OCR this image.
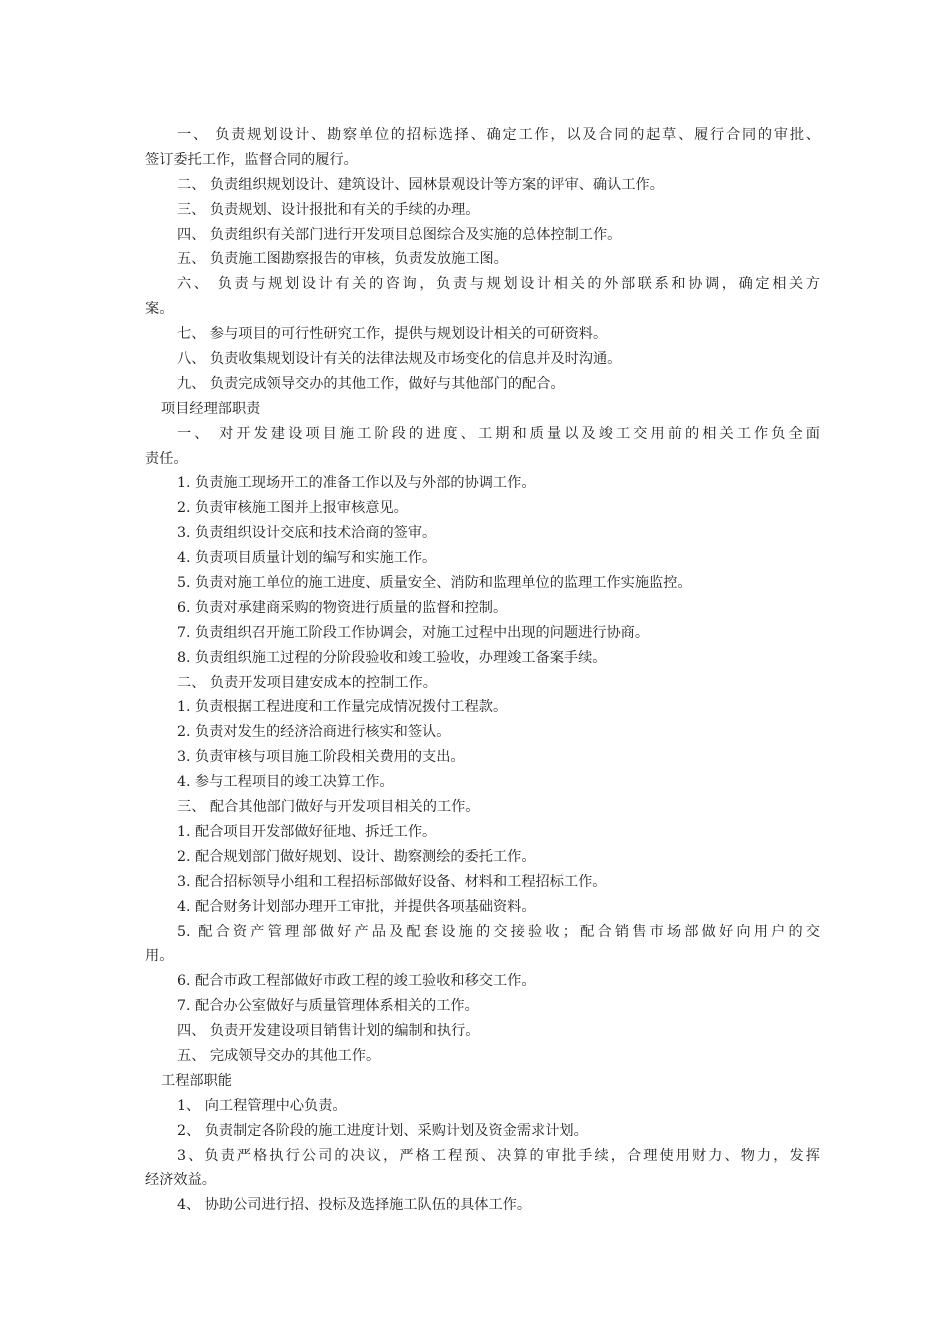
一、 负责规划设计、勘察单位的招标选择、确定工作，以及合同的起草、履行合同的审批、
签订委托工作，监督合同的履行。
二、 负责组织规划设计、建筑设计、园林景观设计等方案的评审、确认工作。
三、 负责规划、设计报批和有关的手续的办理。
四、 负责组织有关部门进行开发项目总图综合及实施的总体控制工作。
五、 负责施工图勘察报告的审核，负责发放施工图。
六、 负责与规划设计有关的咨询，负责与规划设计相关的外部联系和协调，确定相关方
案。
七、 参与项目的可行性研究工作，提供与规划设计相关的可研资料。
八、 负责收集规划设计有关的法律法规及市场变化的信息并及时沟通。
九、 负责完成领导交办的其他工作，做好与其他部门的配合。
项目经理部职责
一、 对开发建设项目施工阶段的进度、工期和质量以及竣工交用前的相关工作负全面
责任。
1. 负责施工现场开工的准备工作以及与外部的协调工作。
2. 负责审核施工图并上报审核意见。
3. 负责组织设计交底和技术洽商的签审。
4. 负责项目质量计划的编写和实施工作。
5. 负责对施工单位的施工进度、质量安全、消防和监理单位的监理工作实施监控。
6. 负责对承建商采购的物资进行质量的监督和控制。
7. 负责组织召开施工阶段工作协调会，对施工过程中出现的问题进行协商。
8. 负责组织施工过程的分阶段验收和竣工验收，办理竣工备案手续。
二、 负责开发项目建安成本的控制工作。
1. 负责根据工程进度和工作量完成情况拨付工程款。
2. 负责对发生的经济洽商进行核实和签认。
3. 负责审核与项目施工阶段相关费用的支出。
4. 参与工程项目的竣工决算工作。
三、 配合其他部门做好与开发项目相关的工作。
1. 配合项目开发部做好征地、拆迁工作。
2. 配合规划部门做好规划、设计、勘察测绘的委托工作。
3. 配合招标领导小组和工程招标部做好设备、材料和工程招标工作。
4. 配合财务计划部办理开工审批，并提供各项基础资料。
5. 配合资产管理部做好产品及配套设施的交接验收；配合销售市场部做好向用户的交
用。
6. 配合市政工程部做好市政工程的竣工验收和移交工作。
7. 配合办公室做好与质量管理体系相关的工作。
四、 负责开发建设项目销售计划的编制和执行。
五、 完成领导交办的其他工作。
工程部职能
1、 向工程管理中心负责。
2、 负责制定各阶段的施工进度计划、采购计划及资金需求计划。
3、负责严格执行公司的决议，严格工程预、决算的审批手续，合理使用财力、物力，发挥
经济效益。
4、 协助公司进行招、投标及选择施工队伍的具体工作。
